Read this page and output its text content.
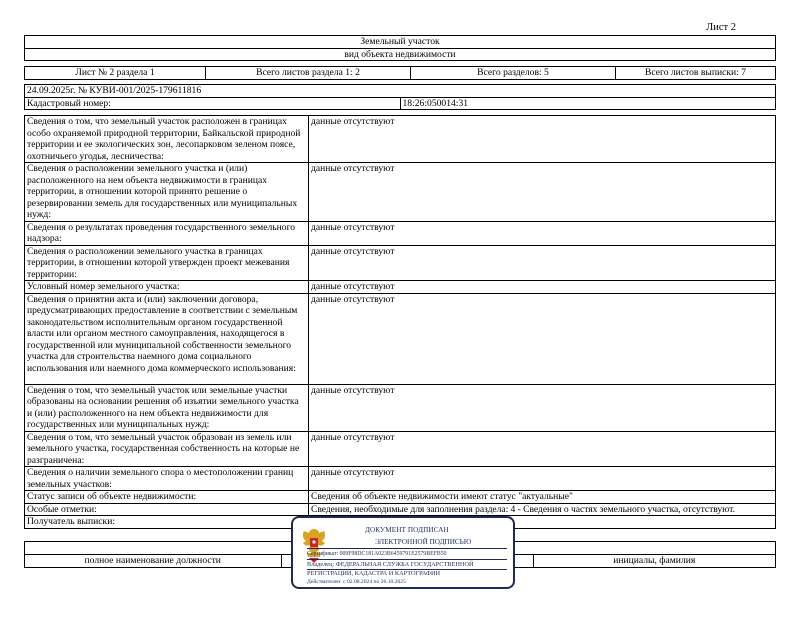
Лист 2
Земельный участок
вид объекта недвижимости
Лист № 2 раздела 1	Всего листов раздела 1: 2	Всего разделов: 5	Всего листов выписки: 7
24.09.2025г. № КУВИ-001/2025-179611816
Кадастровый номер:	18:26:050014:31
Сведения о том, что земельный участок расположен в границах особо охраняемой природной территории, Байкальской природной территории и ее экологических зон, лесопарковом зеленом поясе, охотничьего угодья, лесничества:	данные отсутствуют
Сведения о расположении земельного участка и (или) расположенного на нем объекта недвижимости в границах территории, в отношении которой принято решение о резервировании земель для государственных или муниципальных нужд:	данные отсутствуют
Сведения о результатах проведения государственного земельного надзора:	данные отсутствуют
Сведения о расположении земельного участка в границах территории, в отношении которой утвержден проект межевания территории:	данные отсутствуют
Условный номер земельного участка:	данные отсутствуют
Сведения о принятии акта и (или) заключении договора, предусматривающих предоставление в соответствии с земельным законодательством исполнительным органом государственной власти или органом местного самоуправления, находящегося в государственной или муниципальной собственности земельного участка для строительства наемного дома социального использования или наемного дома коммерческого использования:	данные отсутствуют
Сведения о том, что земельный участок или земельные участки образованы на основании решения об изъятии земельного участка и (или) расположенного на нем объекта недвижимости для государственных или муниципальных нужд:	данные отсутствуют
Сведения о том, что земельный участок образован из земель или земельного участка, государственная собственность на которые не разграничена:	данные отсутствуют
Сведения о наличии земельного спора о местоположении границ земельных участков:	данные отсутствуют
Статус записи об объекте недвижимости:	Сведения об объекте недвижимости имеют статус "актуальные"
Особые отметки:	Сведения, необходимые для заполнения раздела: 4 - Сведения о частях земельного участка, отсутствуют.
Получатель выписки:	

полное наименование должности		инициалы, фамилия
ДОКУМЕНТ ПОДПИСАН
ЭЛЕКТРОННОЙ ПОДПИСЬЮ
Сертификат: 009F08DC181A023B6459791E2579BEFB50
Владелец: ФЕДЕРАЛЬНАЯ СЛУЖБА ГОСУДАРСТВЕННОЙ
РЕГИСТРАЦИИ, КАДАСТРА И КАРТОГРАФИИ
Действителен: с 02.08.2024 по 26.10.2025
